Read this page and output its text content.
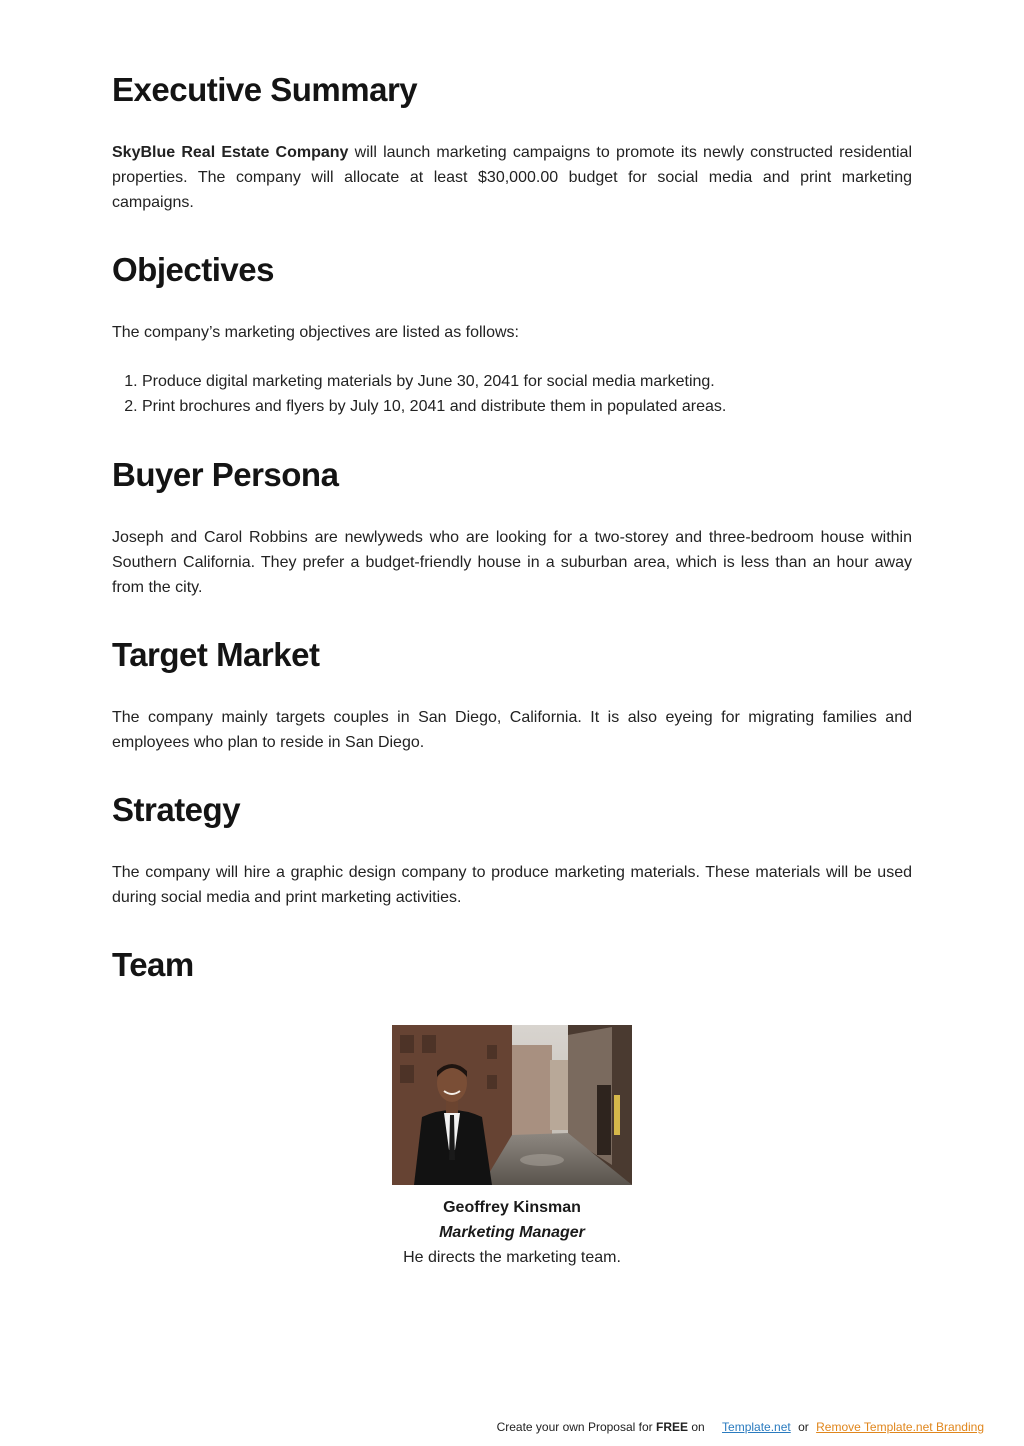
Executive Summary

SkyBlue Real Estate Company will launch marketing campaigns to promote its newly constructed residential properties. The company will allocate at least $30,000.00 budget for social media and print marketing campaigns.

Objectives

The company’s marketing objectives are listed as follows:

1. Produce digital marketing materials by June 30, 2041 for social media marketing.
2. Print brochures and flyers by July 10, 2041 and distribute them in populated areas.
Buyer Persona

Joseph and Carol Robbins are newlyweds who are looking for a two-storey and three-bedroom house within Southern California. They prefer a budget-friendly house in a suburban area, which is less than an hour away from the city.

Target Market

The company mainly targets couples in San Diego, California. It is also eyeing for migrating families and employees who plan to reside in San Diego.

Strategy

The company will hire a graphic design company to produce marketing materials. These materials will be used during social media and print marketing activities.

Team
Geoffrey Kinsman
Marketing Manager
He directs the marketing team.
Create your own Proposal for FREE on Template.net or Remove Template.net Branding
